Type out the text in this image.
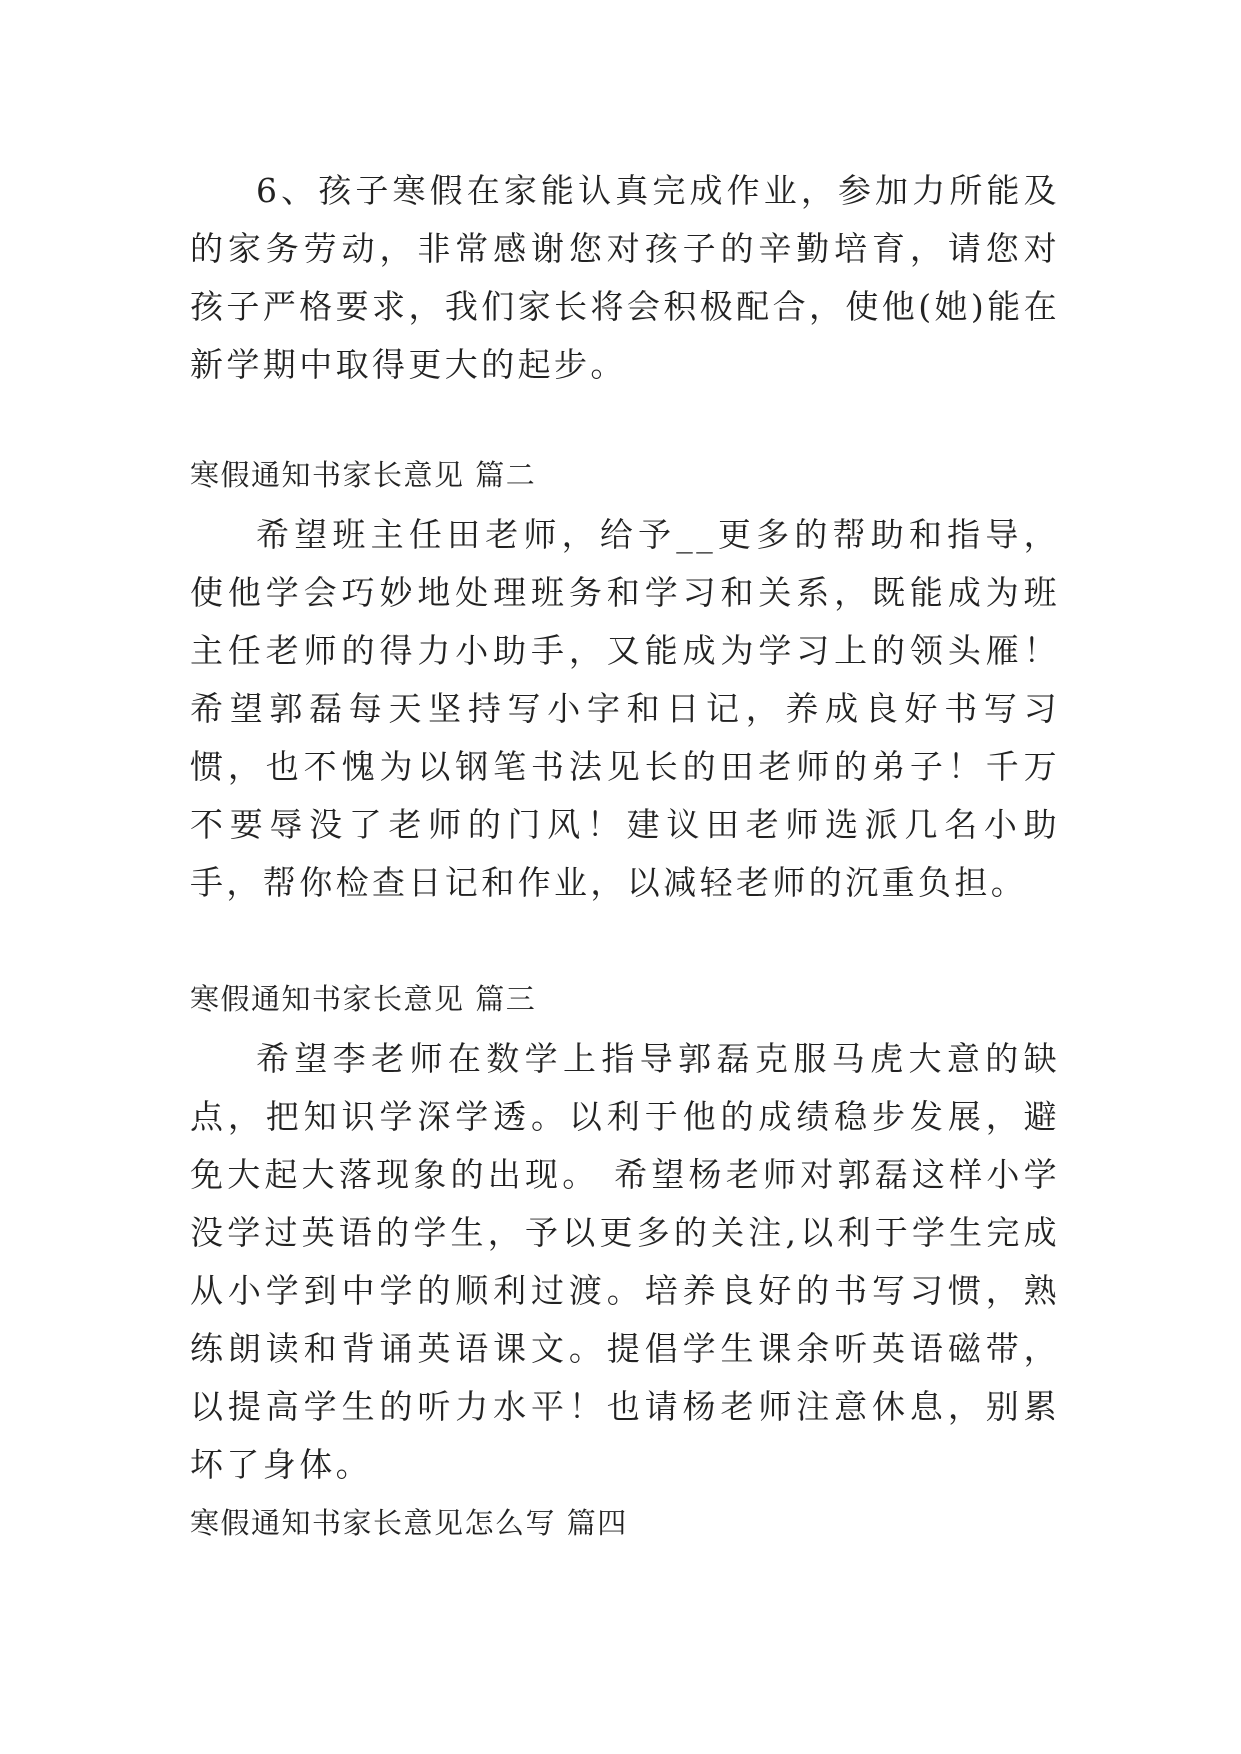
6、孩子寒假在家能认真完成作业，参加力所能及的家务劳动，非常感谢您对孩子的辛勤培育，请您对孩子严格要求，我们家长将会积极配合，使他(她)能在新学期中取得更大的起步。

寒假通知书家长意见 篇二

希望班主任田老师，给予__更多的帮助和指导，使他学会巧妙地处理班务和学习和关系，既能成为班主任老师的得力小助手，又能成为学习上的领头雁！希望郭磊每天坚持写小字和日记，养成良好书写习惯，也不愧为以钢笔书法见长的田老师的弟子！千万不要辱没了老师的门风！建议田老师选派几名小助手，帮你检查日记和作业，以减轻老师的沉重负担。

寒假通知书家长意见 篇三

希望李老师在数学上指导郭磊克服马虎大意的缺点，把知识学深学透。以利于他的成绩稳步发展，避免大起大落现象的出现。 希望杨老师对郭磊这样小学没学过英语的学生，予以更多的关注,以利于学生完成从小学到中学的顺利过渡。培养良好的书写习惯，熟练朗读和背诵英语课文。提倡学生课余听英语磁带，以提高学生的听力水平！也请杨老师注意休息，别累坏了身体。

寒假通知书家长意见怎么写 篇四
